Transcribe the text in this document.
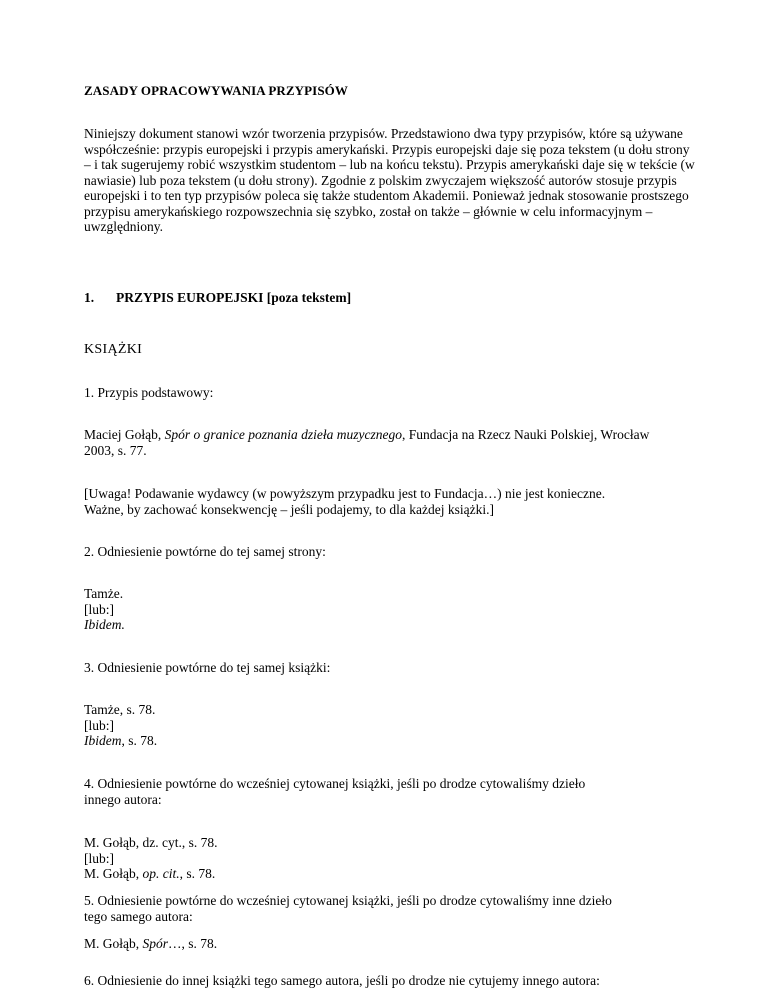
ZASADY OPRACOWYWANIA PRZYPISÓW
Niniejszy dokument stanowi wzór tworzenia przypisów. Przedstawiono dwa typy przypisów, które są używane współcześnie: przypis europejski i przypis amerykański. Przypis europejski daje się poza tekstem (u dołu strony – i tak sugerujemy robić wszystkim studentom – lub na końcu tekstu). Przypis amerykański daje się w tekście (w nawiasie) lub poza tekstem (u dołu strony). Zgodnie z polskim zwyczajem większość autorów stosuje przypis europejski i to ten typ przypisów poleca się także studentom Akademii. Ponieważ jednak stosowanie prostszego przypisu amerykańskiego rozpowszechnia się szybko, został on także – głównie w celu informacyjnym – uwzględniony.
1. PRZYPIS EUROPEJSKI [poza tekstem]
KSIĄŻKI
1. Przypis podstawowy:
Maciej Gołąb, Spór o granice poznania dzieła muzycznego, Fundacja na Rzecz Nauki Polskiej, Wrocław
2003, s. 77.
[Uwaga! Podawanie wydawcy (w powyższym przypadku jest to Fundacja…) nie jest konieczne.
Ważne, by zachować konsekwencję – jeśli podajemy, to dla każdej książki.]
2. Odniesienie powtórne do tej samej strony:
Tamże.
[lub:]
Ibidem.
3. Odniesienie powtórne do tej samej książki:
Tamże, s. 78.
[lub:]
Ibidem, s. 78.
4. Odniesienie powtórne do wcześniej cytowanej książki, jeśli po drodze cytowaliśmy dzieło
innego autora:
M. Gołąb, dz. cyt., s. 78.
[lub:]
M. Gołąb, op. cit., s. 78.
5. Odniesienie powtórne do wcześniej cytowanej książki, jeśli po drodze cytowaliśmy inne dzieło
tego samego autora:
M. Gołąb, Spór…, s. 78.
6. Odniesienie do innej książki tego samego autora, jeśli po drodze nie cytujemy innego autora:
